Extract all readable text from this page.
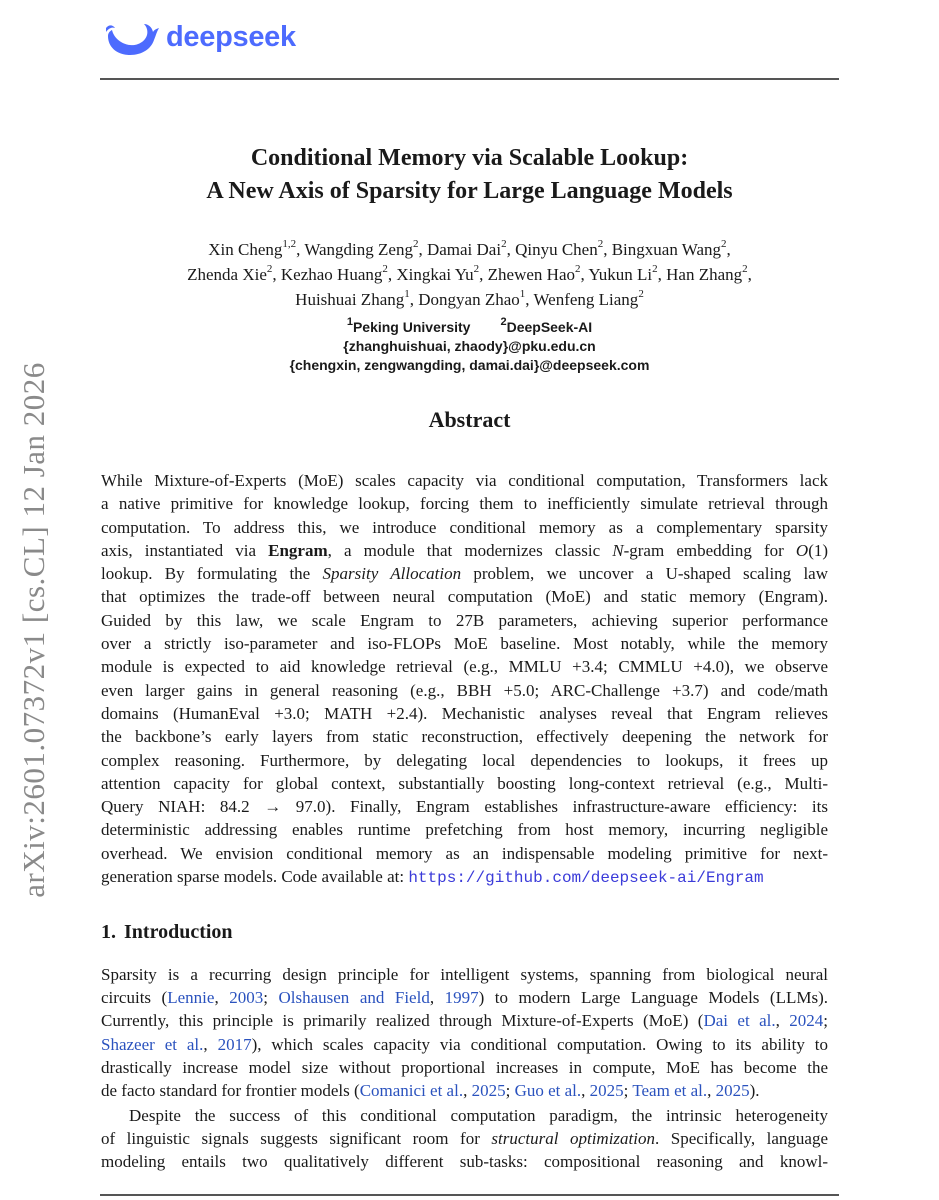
deepseek
arXiv:2601.07372v1 [cs.CL] 12 Jan 2026
Conditional Memory via Scalable Lookup:
A New Axis of Sparsity for Large Language Models
Xin Cheng$^{1,2}$, Wangding Zeng$^2$, Damai Dai$^2$, Qinyu Chen$^2$, Bingxuan Wang$^2$,
Zhenda Xie$^2$, Kezhao Huang$^2$, Xingkai Yu$^2$, Zhewen Hao$^2$, Yukun Li$^2$, Han Zhang$^2$,
Huishuai Zhang$^1$, Dongyan Zhao$^1$, Wenfeng Liang$^2$
$^1$Peking University	$^2$DeepSeek-AI
{zhanghuishuai, zhaody}@pku.edu.cn
{chengxin, zengwangding, damai.dai}@deepseek.com
Abstract
While Mixture-of-Experts (MoE) scales capacity via conditional computation, Transformers lack
a native primitive for knowledge lookup, forcing them to inefficiently simulate retrieval through
computation. To address this, we introduce conditional memory as a complementary sparsity
axis, instantiated via Engram, a module that modernizes classic N-gram embedding for O(1)
lookup. By formulating the Sparsity Allocation problem, we uncover a U-shaped scaling law
that optimizes the trade-off between neural computation (MoE) and static memory (Engram).
Guided by this law, we scale Engram to 27B parameters, achieving superior performance
over a strictly iso-parameter and iso-FLOPs MoE baseline. Most notably, while the memory
module is expected to aid knowledge retrieval (e.g., MMLU +3.4; CMMLU +4.0), we observe
even larger gains in general reasoning (e.g., BBH +5.0; ARC-Challenge +3.7) and code/math
domains (HumanEval +3.0; MATH +2.4). Mechanistic analyses reveal that Engram relieves
the backbone’s early layers from static reconstruction, effectively deepening the network for
complex reasoning. Furthermore, by delegating local dependencies to lookups, it frees up
attention capacity for global context, substantially boosting long-context retrieval (e.g., Multi-
Query NIAH: 84.2 → 97.0). Finally, Engram establishes infrastructure-aware efficiency: its
deterministic addressing enables runtime prefetching from host memory, incurring negligible
overhead. We envision conditional memory as an indispensable modeling primitive for next-
generation sparse models. Code available at: https://github.com/deepseek-ai/Engram
1. Introduction
Sparsity is a recurring design principle for intelligent systems, spanning from biological neural
circuits (Lennie, 2003; Olshausen and Field, 1997) to modern Large Language Models (LLMs).
Currently, this principle is primarily realized through Mixture-of-Experts (MoE) (Dai et al., 2024;
Shazeer et al., 2017), which scales capacity via conditional computation. Owing to its ability to
drastically increase model size without proportional increases in compute, MoE has become the
de facto standard for frontier models (Comanici et al., 2025; Guo et al., 2025; Team et al., 2025).
Despite the success of this conditional computation paradigm, the intrinsic heterogeneity
of linguistic signals suggests significant room for structural optimization. Specifically, language
modeling entails two qualitatively different sub-tasks: compositional reasoning and knowl-
